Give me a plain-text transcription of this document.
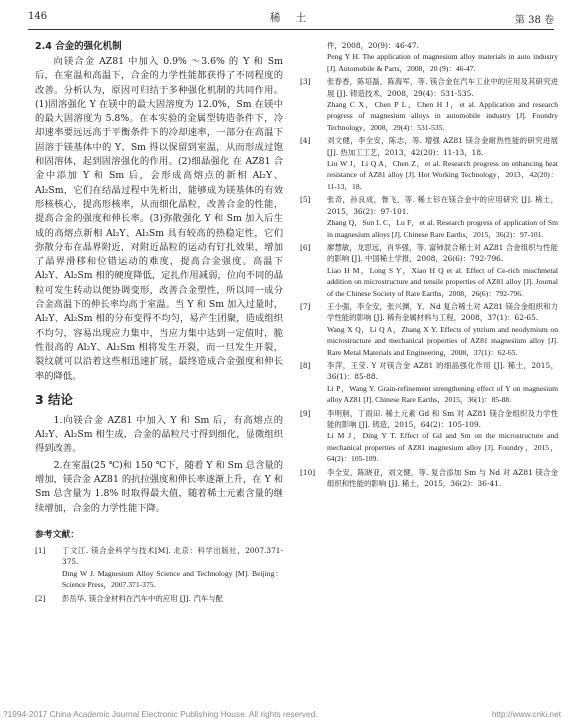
146	稀 土	第 38 卷
2.4 合金的强化机制

向镁合金 AZ81 中加入 0.9% ～3.6% 的 Y 和 Sm 后，在室温和高温下，合金的力学性能都获得了不同程度的改善。分析认为，原因可归结于多种强化机制的共同作用。(1)固溶强化 Y 在镁中的最大固溶度为 12.0%，Sm 在镁中的最大固溶度为 5.8%。在本实验的金属型铸造条件下，冷却速率要远远高于平衡条件下的冷却速率，一部分在高温下固溶于镁基体中的 Y、Sm 得以保留到室温，从而形成过饱和固溶体，起到固溶强化的作用。(2)细晶强化 在 AZ81 合金中添加 Y 和 Sm 后，会形成高熔点的新相 Al₂Y、Al₂Sm，它们在结晶过程中先析出，能够成为镁基体的有效形核核心，提高形核率，从而细化晶粒，改善合金的性能，提高合金的强度和伸长率。(3)弥散强化 Y 和 Sm 加入后生成的高熔点新相 Al₂Y、Al₂Sm 具有较高的热稳定性，它们弥散分布在晶界附近，对附近晶粒的运动有钉扎效果，增加了晶界滑移和位错运动的难度，提高合金强度。高温下 Al₂Y、Al₂Sm 相的硬度降低，定扎作用减弱，位向不同的晶粒可发生转动以便协调变形，改善合金塑性，所以同一成分合金高温下的伸长率均高于室温。当 Y 和 Sm 加入过量时，Al₂Y、Al₂Sm 相的分布变得不均匀，易产生团聚，造成组织不均匀，容易出现应力集中，当应力集中达到一定值时，脆性很高的 Al₂Y、Al₂Sm 相将发生开裂，而一旦发生开裂，裂纹就可以沿着这些相迅速扩展，最终造成合金强度和伸长率的降低。

3 结论

1.向镁合金 AZ81 中加入 Y 和 Sm 后，有高熔点的 Al₂Y、Al₂Sm 相生成，合金的晶粒尺寸得到细化，显微组织得到改善。

2.在室温(25 ℃)和 150 ℃下，随着 Y 和 Sm 总含量的增加，镁合金 AZ81 的抗拉强度和伸长率逐渐上升，在 Y 和 Sm 总含量为 1.8% 时取得最大值，随着稀土元素含量的继续增加，合金的力学性能下降。

参考文献：
[1] 丁文江. 镁合金科学与技术[M]. 北京：科学出版社，2007.371-375.
Ding W J. Magnesium Alloy Science and Technology [M]. Beijing：Science Press，2007.371-375.
[2] 彭岳华. 镁合金材料在汽车中的应用 [J]. 汽车与配
件，2008，20(9)：46-47.
Peng Y H. The application of magnesium alloy materials in auto industry [J]. Automobile & Parts，2008，20 (9)：46-47.
[3] 张春香，陈培磊，陈海军，等. 镁合金在汽车工业中的应用及其研究进展 [J]. 铸造技术，2008，29(4)：531-535.
Zhang C X，Chen P L，Chen H J，et al. Application and research progress of magnesium alloys in automobile industry [J]. Foundry Technology，2008，29(4)：531-535.
[4] 刘文健，李全安，陈志，等. 增强 AZ81 镁合金耐热性能的研究进展 [J]. 热加工工艺，2013，42(20)：11-13，18.
Liu W J，Li Q A，Chen Z，et al. Research progress on enhancing heat resistance of AZ81 alloy [J]. Hot Working Technology，2013，42(20)：11-13，18.
[5] 张奇，孙良成，鲁飞，等. 稀土钐在镁合金中的应用研究 [J]. 稀土，2015，36(2)：97-101.
Zhang Q，Sun L C，Lu F，et al. Research progress of application of Sm in magnesium alloys [J]. Chinese Rare Earths，2015，36(2)：97-101.
[6] 廖慧敏，龙思远，肖华强，等. 富铈混合稀土对 AZ81 合金组织与性能的影响 [J]. 中国稀土学报，2008，26(6)：792-796.
Liao H M，Long S Y，Xiao H Q et al. Effect of Ce-rich mischmetal addition on microstructure and tensile properties of AZ81 alloy [J]. Journal of the Chinese Society of Rare Earths，2008，26(6)：792-796.
[7] 王小强，李全安，张兴渊，Y、Nd 复合稀土对 AZ81 镁合金组织和力学性能的影响 [J]. 稀有金属材料与工程，2008，37(1)：62-65.
Wang X Q，Li Q A，Zhang X Y. Effects of yttrium and neodymium on microstructure and mechanical properties of AZ81 magnesium alloy [J]. Rare Metal Materials and Engineering，2008，37(1)：62-65.
[8] 李萍，王莹. Y 对镁合金 AZ81 的细晶强化作用 [J]. 稀土，2015，36(1)：85-88.
Li P，Wang Y. Grain-refinement strengthening effect of Y on magnesium alloy AZ81 [J]. Chinese Rare Earths，2015，36(1)：85-88.
[9] 李明舸，丁雨田. 稀土元素 Gd 和 Sm 对 AZ81 镁合金组织及力学性能的影响 [J]. 铸造，2015，64(2)：105-109.
Li M J，Ding Y T. Effect of Gd and Sm on the microstructure and mechanical properties of AZ81 magnesium alloy [J]. Foundry，2015，64(2)：105-109.
[10] 李全安，陈晓亚，刘文健，等. 复合添加 Sm 与 Nd 对 AZ81 镁合金组织和性能的影响 [J]. 稀土，2015，36(2)：36-41.
?1994-2017 China Academic Journal Electronic Publishing House. All rights reserved.	http://www.cnki.net
